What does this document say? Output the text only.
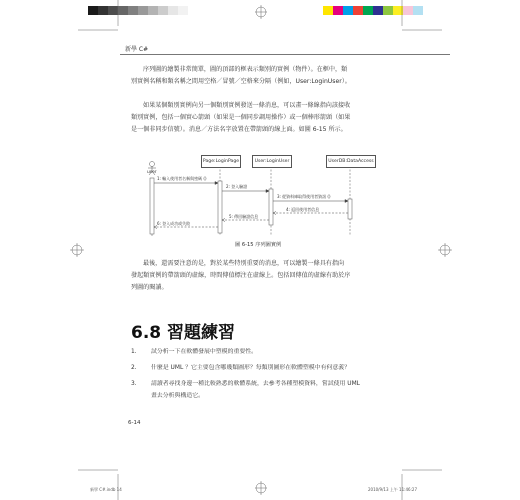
新學 C#
序列圖的繪製非常簡單，圖的頂部的框表示類別的實例（物件）。在框中，類
別實例名稱和類名稱之間用空格／冒號／空格來分隔（例如，User:LoginUser）。
如果某個類別實例向另一個類別實例發送一條消息，可以畫一條線指向該接收
類別實例，包括一個實心箭頭（如果是一個同步調用操作）或一個棒形箭頭（如果
是一個非同步信號）。消息／方法名字放置在帶箭頭的線上面。如圖 6-15 所示。
user
Page:LoginPage	User:LoginUser	UserDB:DataAccess
1: 輸入使用者名稱與密碼 ()
2: 登入驗證
3: 從資料庫取得使用者資訊 ()
4: 返回使用者信息
5: 傳回驗證信息
6: 登入成功或失敗
圖 6-15 序列圖實例
最後，還需要注意的是，對於某些特別重要的消息，可以繪製一條具有指向
發起類實例的帶箭頭的虛線，時間傳值標注在虛線上。包括回傳值的虛線有助於序
列圖的閱讀。
6.8 習題練習
1. 試分析一下在軟體發展中塑模的重要性。
2. 什麼是 UML ？它主要包含哪幾類圖形？每類別圖形在軟體塑模中有何意義？
3. 請讀者尋找身邊一種比較熟悉的軟體系統，去參考各種塑模資料，嘗試使用 UML
畫去分析與構造它。
6-14
新學 C#.indb 14	2010/9/13 上午 11:46:27
